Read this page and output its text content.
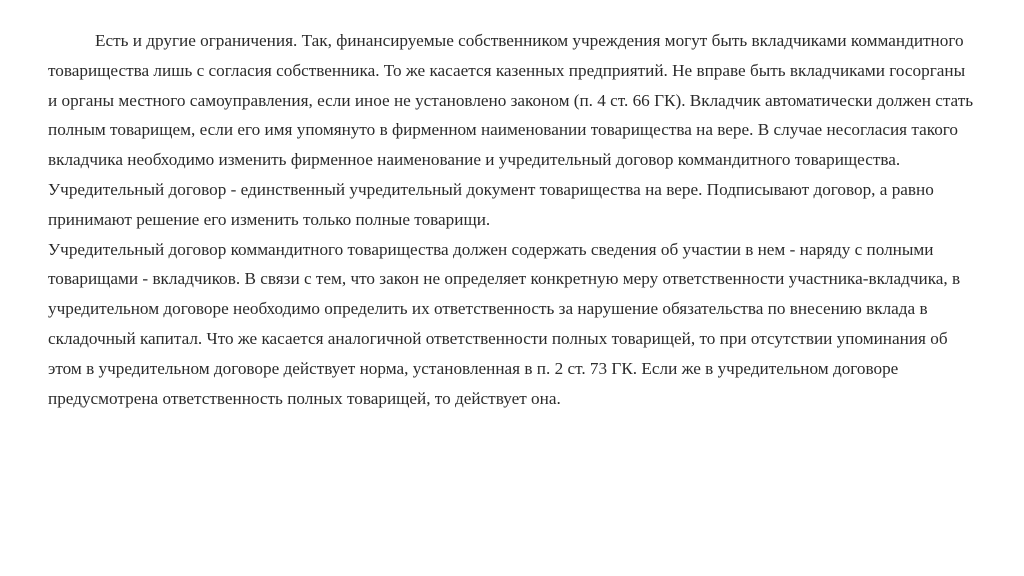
Есть и другие ограничения. Так, финансируемые собственником учреждения могут быть вкладчиками коммандитного товарищества лишь с согласия собственника. То же касается казенных предприятий. Не вправе быть вкладчиками госорганы и органы местного самоуправления, если иное не установлено законом (п. 4 ст. 66 ГК). Вкладчик автоматически должен стать полным товарищем, если его имя упомянуто в фирменном наименовании товарищества на вере. В случае несогласия такого вкладчика необходимо изменить фирменное наименование и учредительный договор коммандитного товарищества.

Учредительный договор - единственный учредительный документ товарищества на вере. Подписывают договор, а равно принимают решение его изменить только полные товарищи.

Учредительный договор коммандитного товарищества должен содержать сведения об участии в нем - наряду с полными товарищами - вкладчиков. В связи с тем, что закон не определяет конкретную меру ответственности участника-вкладчика, в учредительном договоре необходимо определить их ответственность за нарушение обязательства по внесению вклада в складочный капитал. Что же касается аналогичной ответственности полных товарищей, то при отсутствии упоминания об этом в учредительном договоре действует норма, установленная в п. 2 ст. 73 ГК. Если же в учредительном договоре предусмотрена ответственность полных товарищей, то действует она.
